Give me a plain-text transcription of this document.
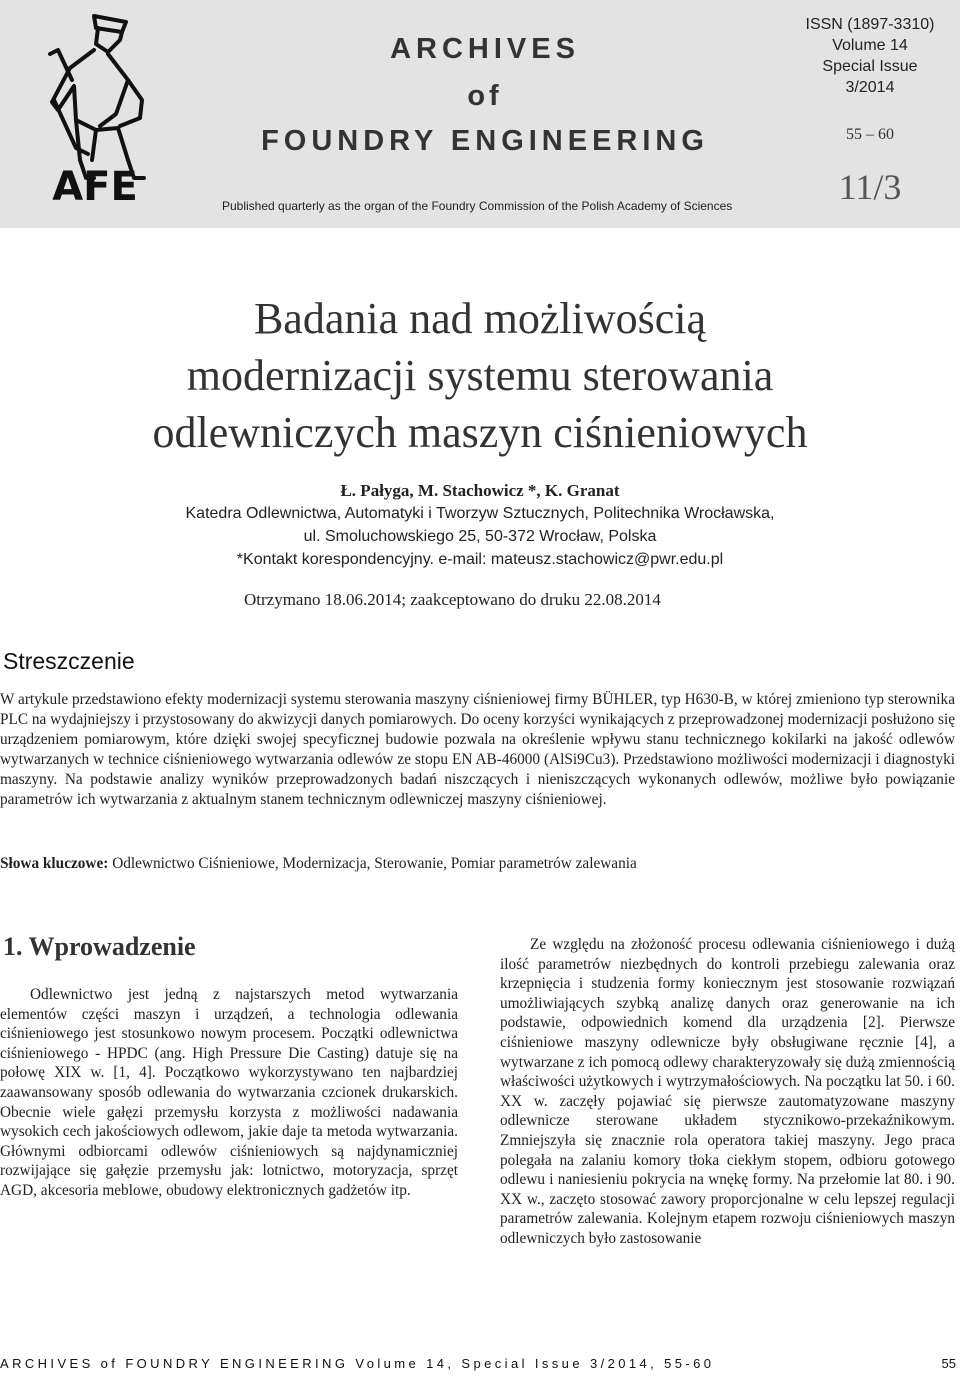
AFE
ARCHIVES
of
FOUNDRY ENGINEERING
Published quarterly as the organ of the Foundry Commission of the Polish Academy of Sciences
ISSN (1897-3310)
Volume 14
Special Issue
3/2014
55 – 60
11/3
Badania nad możliwością
modernizacji systemu sterowania
odlewniczych maszyn ciśnieniowych
Ł. Pałyga, M. Stachowicz *, K. Granat
Katedra Odlewnictwa, Automatyki i Tworzyw Sztucznych, Politechnika Wrocławska,
ul. Smoluchowskiego 25, 50-372 Wrocław, Polska
*Kontakt korespondencyjny. e-mail: mateusz.stachowicz@pwr.edu.pl
Otrzymano 18.06.2014; zaakceptowano do druku 22.08.2014
Streszczenie
W artykule przedstawiono efekty modernizacji systemu sterowania maszyny ciśnieniowej firmy BÜHLER, typ H630-B, w której zmieniono typ sterownika PLC na wydajniejszy i przystosowany do akwizycji danych pomiarowych. Do oceny korzyści wynikających z przeprowadzonej modernizacji posłużono się urządzeniem pomiarowym, które dzięki swojej specyficznej budowie pozwala na określenie wpływu stanu technicznego kokilarki na jakość odlewów wytwarzanych w technice ciśnieniowego wytwarzania odlewów ze stopu EN AB-46000 (AlSi9Cu3). Przedstawiono możliwości modernizacji i diagnostyki maszyny. Na podstawie analizy wyników przeprowadzonych badań niszczących i nieniszczących wykonanych odlewów, możliwe było powiązanie parametrów ich wytwarzania z aktualnym stanem technicznym odlewniczej maszyny ciśnieniowej.
Słowa kluczowe: Odlewnictwo Ciśnieniowe, Modernizacja, Sterowanie, Pomiar parametrów zalewania
1. Wprowadzenie
Odlewnictwo jest jedną z najstarszych metod wytwarzania elementów części maszyn i urządzeń, a technologia odlewania ciśnieniowego jest stosunkowo nowym procesem. Początki odlewnictwa ciśnieniowego - HPDC (ang. High Pressure Die Casting) datuje się na połowę XIX w. [1, 4]. Początkowo wykorzystywano ten najbardziej zaawansowany sposób odlewania do wytwarzania czcionek drukarskich. Obecnie wiele gałęzi przemysłu korzysta z możliwości nadawania wysokich cech jakościowych odlewom, jakie daje ta metoda wytwarzania. Głównymi odbiorcami odlewów ciśnieniowych są najdynamiczniej rozwijające się gałęzie przemysłu jak: lotnictwo, motoryzacja, sprzęt AGD, akcesoria meblowe, obudowy elektronicznych gadżetów itp.
Ze względu na złożoność procesu odlewania ciśnieniowego i dużą ilość parametrów niezbędnych do kontroli przebiegu zalewania oraz krzepnięcia i studzenia formy koniecznym jest stosowanie rozwiązań umożliwiających szybką analizę danych oraz generowanie na ich podstawie, odpowiednich komend dla urządzenia [2]. Pierwsze ciśnieniowe maszyny odlewnicze były obsługiwane ręcznie [4], a wytwarzane z ich pomocą odlewy charakteryzowały się dużą zmiennością właściwości użytkowych i wytrzymałościowych. Na początku lat 50. i 60. XX w. zaczęły pojawiać się pierwsze zautomatyzowane maszyny odlewnicze sterowane układem stycznikowo-przekaźnikowym. Zmniejszyła się znacznie rola operatora takiej maszyny. Jego praca polegała na zalaniu komory tłoka ciekłym stopem, odbioru gotowego odlewu i naniesieniu pokrycia na wnękę formy. Na przełomie lat 80. i 90. XX w., zaczęto stosować zawory proporcjonalne w celu lepszej regulacji parametrów zalewania. Kolejnym etapem rozwoju ciśnieniowych maszyn odlewniczych było zastosowanie
ARCHIVES of FOUNDRY ENGINEERING Volume 14, Special Issue 3/2014, 55-60	55
